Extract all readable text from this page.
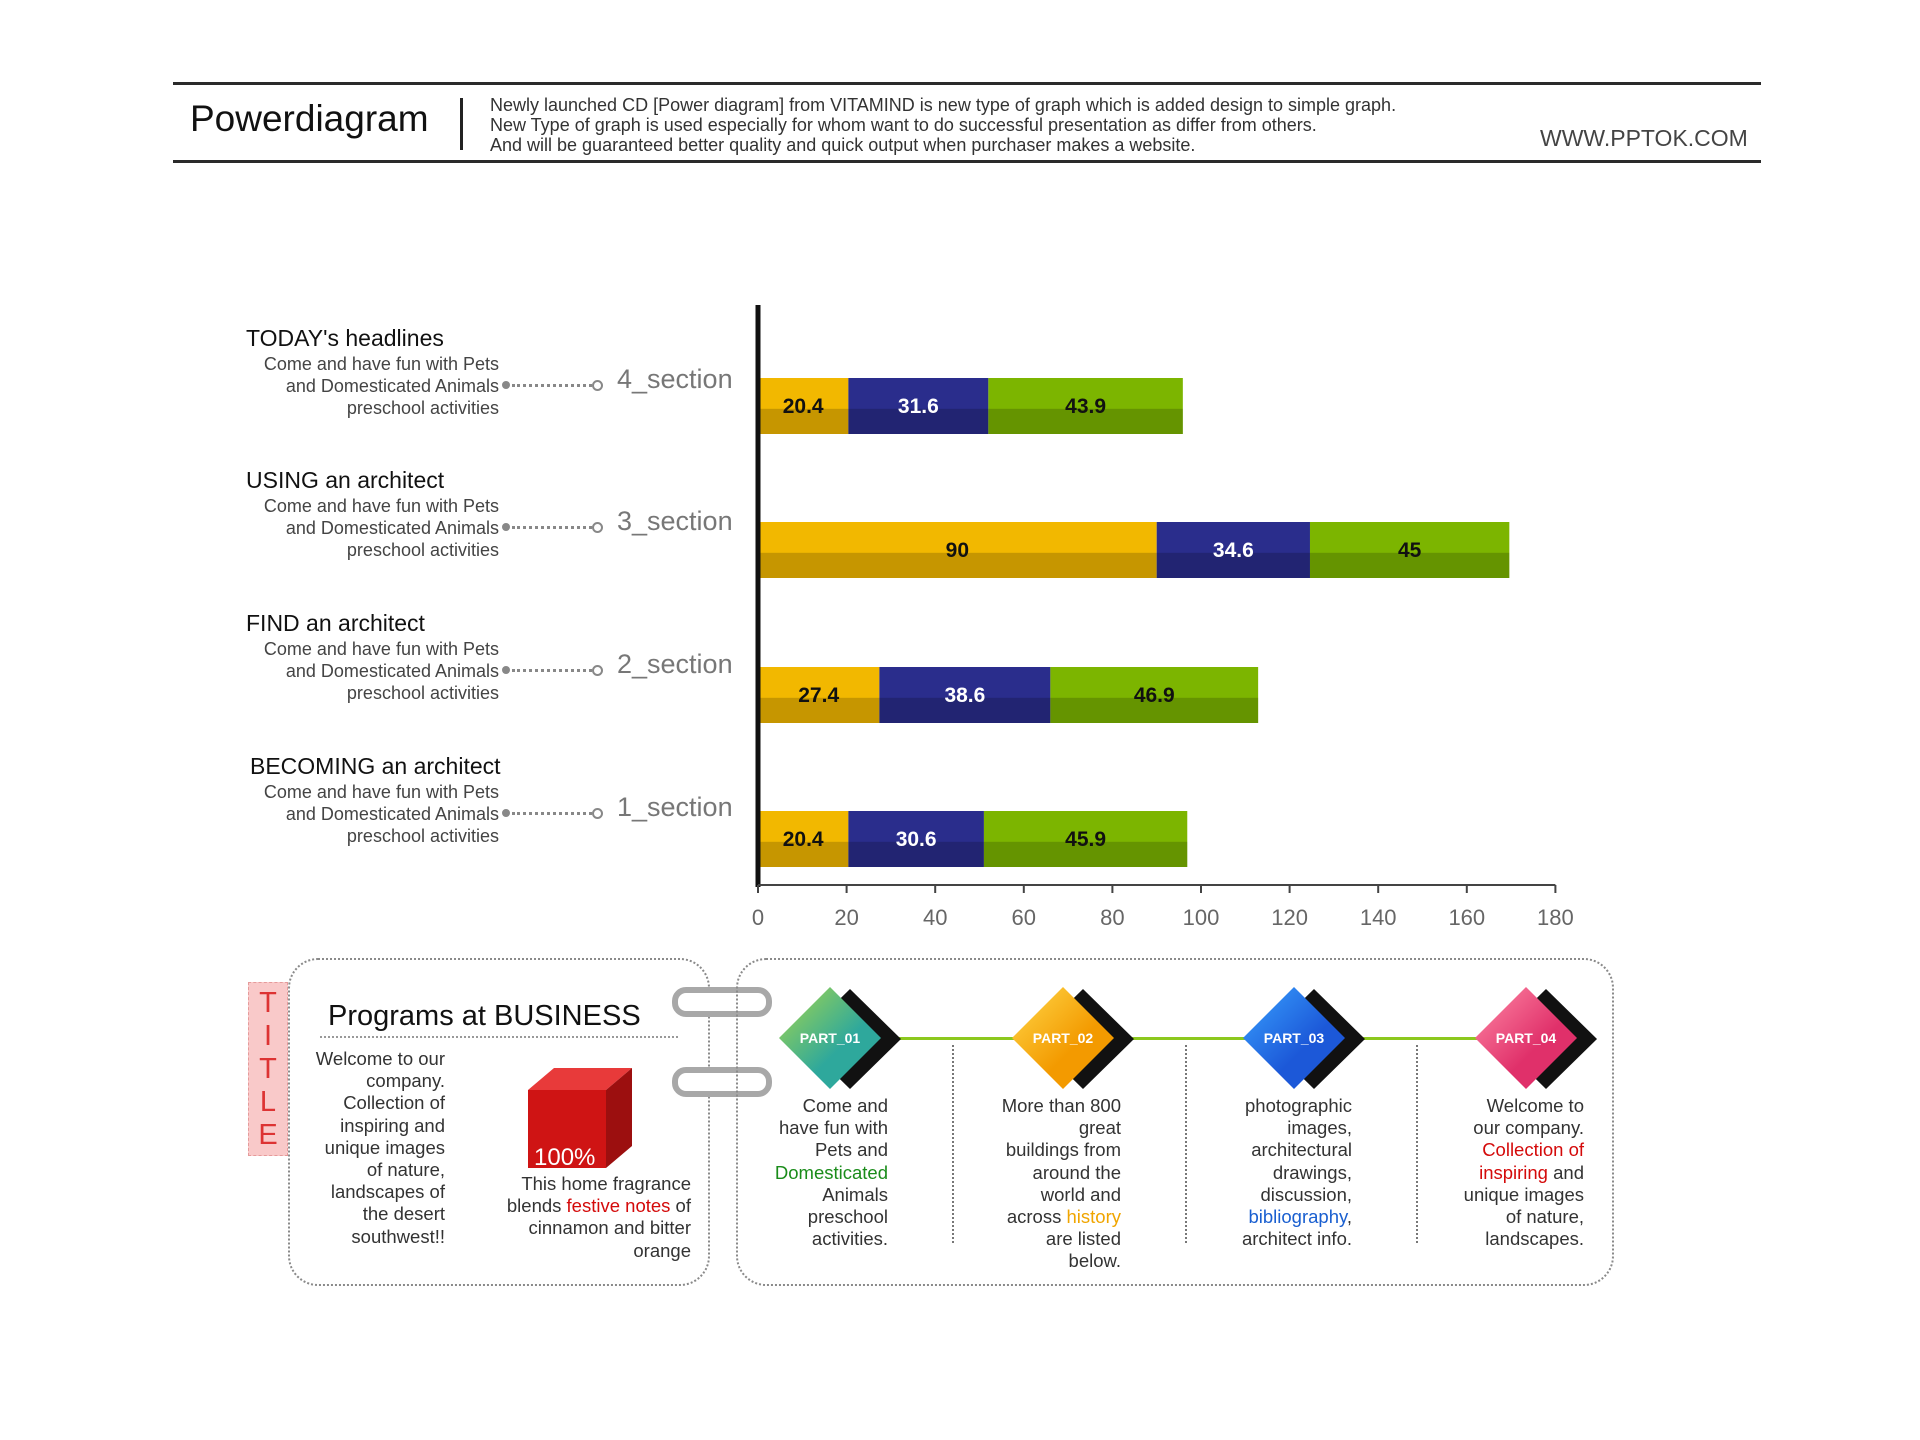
Powerdiagram	Newly launched CD [Power diagram] from VITAMIND is new type of graph which is added design to simple graph.
New Type of graph is used especially for whom want to do successful presentation as differ from others.
And will be guaranteed better quality and quick output when purchaser makes a website.	WWW.PPTOK.COM
TODAY's headlines
Come and have fun with Pets
and Domesticated Animals
preschool activities
4_section
USING an architect
Come and have fun with Pets
and Domesticated Animals
preschool activities
3_section
FIND an architect
Come and have fun with Pets
and Domesticated Animals
preschool activities
2_section
BECOMING an architect
Come and have fun with Pets
and Domesticated Animals
preschool activities
1_section
20.4	31.6	43.9
90	34.6	45
27.4	38.6	46.9
20.4	30.6	45.9
0	20	40	60	80	100 120 140 160 180
T
I
T
L
E
Programs at BUSINESS
Welcome to our
company.
Collection of
inspiring and
unique images
of nature,
landscapes of
the desert
southwest!!
100%
This home fragrance blends festive notes of cinnamon and bitter orange
PART_01
Come and
have fun with
Pets and
Domesticated
Animals
preschool
activities.
PART_02
More than 800
great
buildings from
around the
world and
across history
are listed
below.
PART_03
photographic
images,
architectural
drawings,
discussion,
bibliography,
architect info.
PART_04
Welcome to
our company.
Collection of
inspiring and
unique images
of nature,
landscapes.
